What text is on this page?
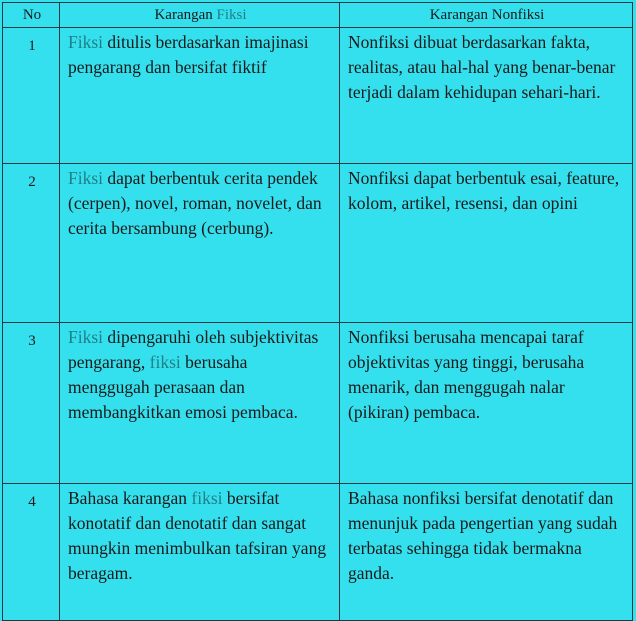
No	Karangan Fiksi	Karangan Nonfiksi
1	Fiksi ditulis berdasarkan imajinasi pengarang dan bersifat fiktif	Nonfiksi dibuat berdasarkan fakta, realitas, atau hal-hal yang benar-benar terjadi dalam kehidupan sehari-hari.
2	Fiksi dapat berbentuk cerita pendek (cerpen), novel, roman, novelet, dan cerita bersambung (cerbung).	Nonfiksi dapat berbentuk esai, feature, kolom, artikel, resensi, dan opini
3	Fiksi dipengaruhi oleh subjektivitas pengarang, fiksi berusaha menggugah perasaan dan membangkitkan emosi pembaca.	Nonfiksi berusaha mencapai taraf objektivitas yang tinggi, berusaha menarik, dan menggugah nalar (pikiran) pembaca.
4	Bahasa karangan fiksi bersifat konotatif dan denotatif dan sangat mungkin menimbulkan tafsiran yang beragam.	Bahasa nonfiksi bersifat denotatif dan menunjuk pada pengertian yang sudah terbatas sehingga tidak bermakna ganda.
